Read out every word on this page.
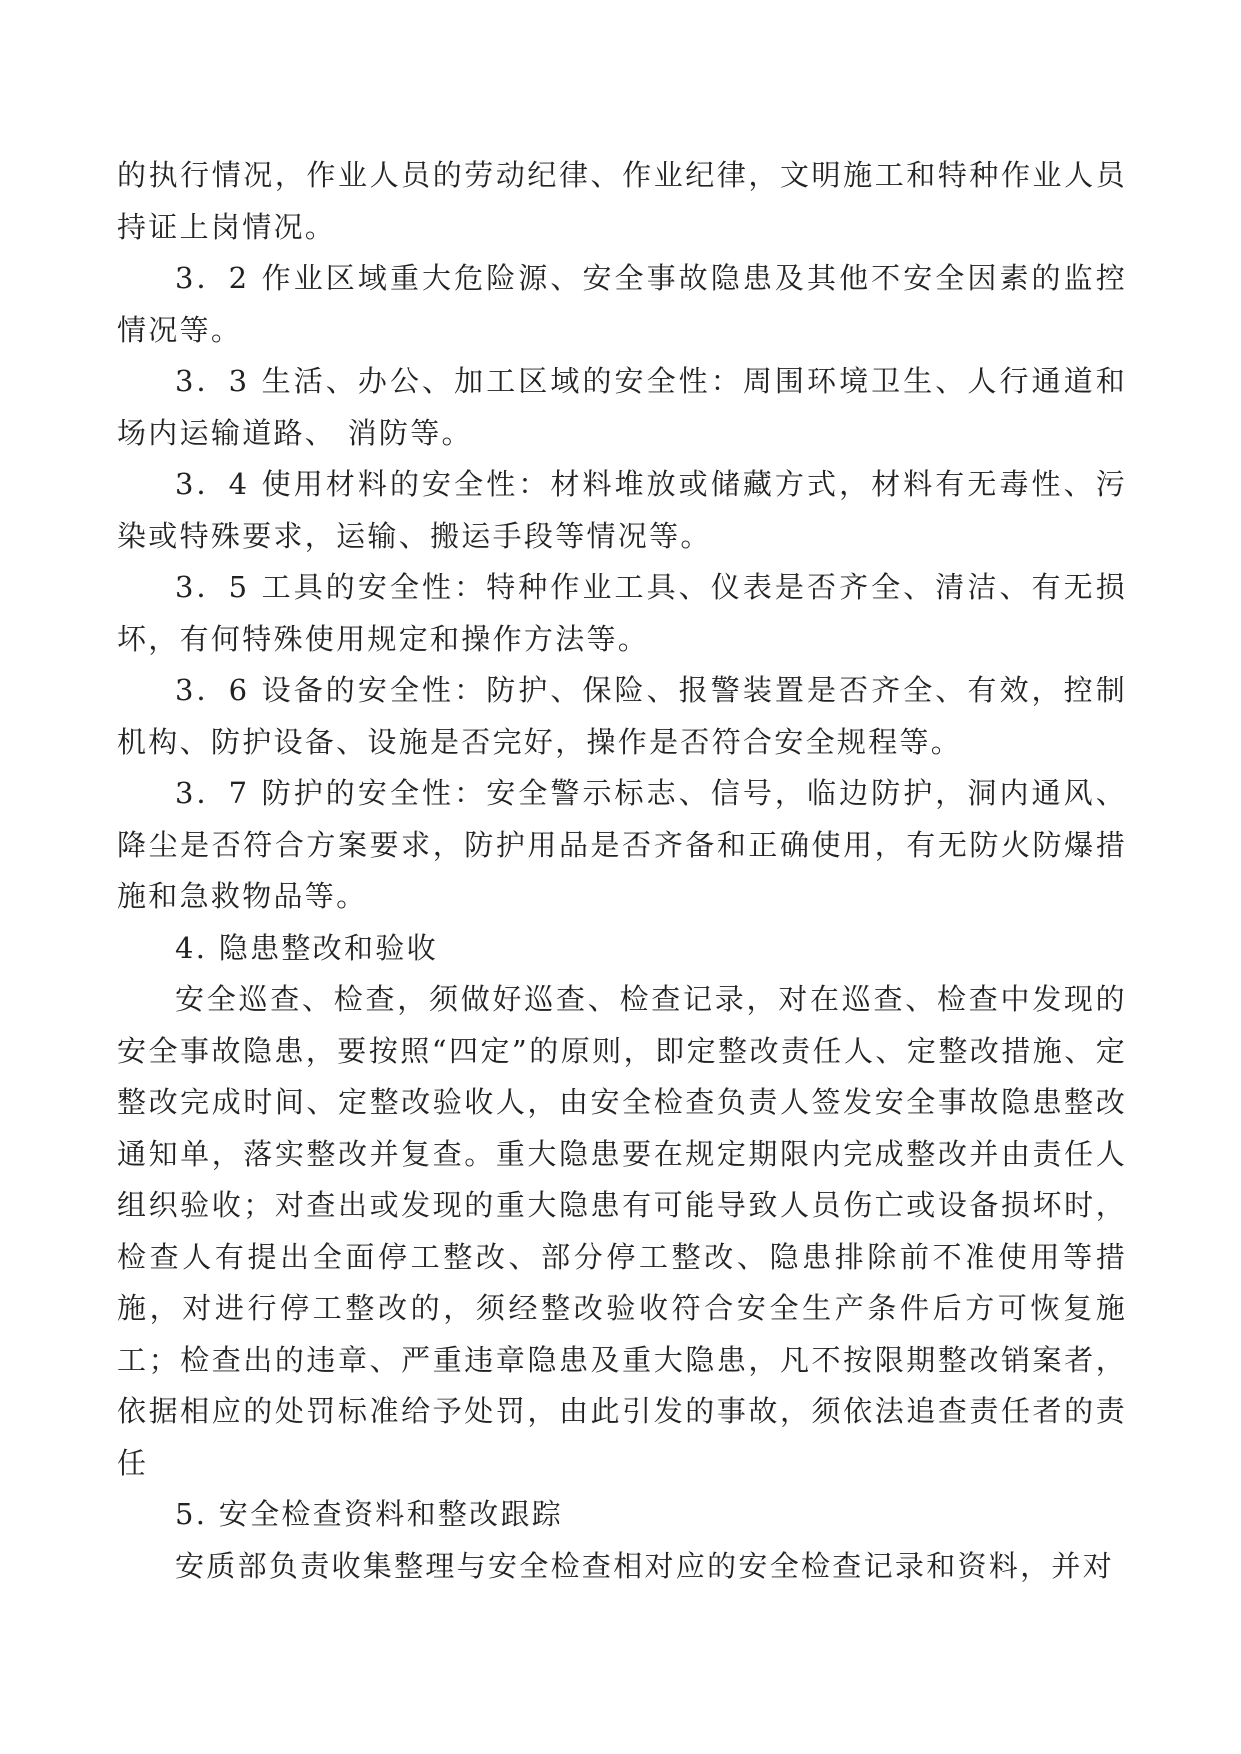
的执行情况，作业人员的劳动纪律、作业纪律，文明施工和特种作业人员持证上岗情况。

3．2 作业区域重大危险源、安全事故隐患及其他不安全因素的监控情况等。

3．3 生活、办公、加工区域的安全性：周围环境卫生、人行通道和场内运输道路、 消防等。

3．4 使用材料的安全性：材料堆放或储藏方式，材料有无毒性、污染或特殊要求，运输、搬运手段等情况等。

3．5 工具的安全性：特种作业工具、仪表是否齐全、清洁、有无损坏，有何特殊使用规定和操作方法等。

3．6 设备的安全性：防护、保险、报警装置是否齐全、有效，控制机构、防护设备、设施是否完好，操作是否符合安全规程等。

3．7 防护的安全性：安全警示标志、信号，临边防护，洞内通风、降尘是否符合方案要求，防护用品是否齐备和正确使用，有无防火防爆措施和急救物品等。

4. 隐患整改和验收

安全巡查、检查，须做好巡查、检查记录，对在巡查、检查中发现的安全事故隐患，要按照“四定”的原则，即定整改责任人、定整改措施、定整改完成时间、定整改验收人，由安全检查负责人签发安全事故隐患整改通知单，落实整改并复查。重大隐患要在规定期限内完成整改并由责任人组织验收；对查出或发现的重大隐患有可能导致人员伤亡或设备损坏时，检查人有提出全面停工整改、部分停工整改、隐患排除前不准使用等措施，对进行停工整改的，须经整改验收符合安全生产条件后方可恢复施工；检查出的违章、严重违章隐患及重大隐患，凡不按限期整改销案者，依据相应的处罚标准给予处罚，由此引发的事故，须依法追查责任者的责任

5. 安全检查资料和整改跟踪

安质部负责收集整理与安全检查相对应的安全检查记录和资料，并对
